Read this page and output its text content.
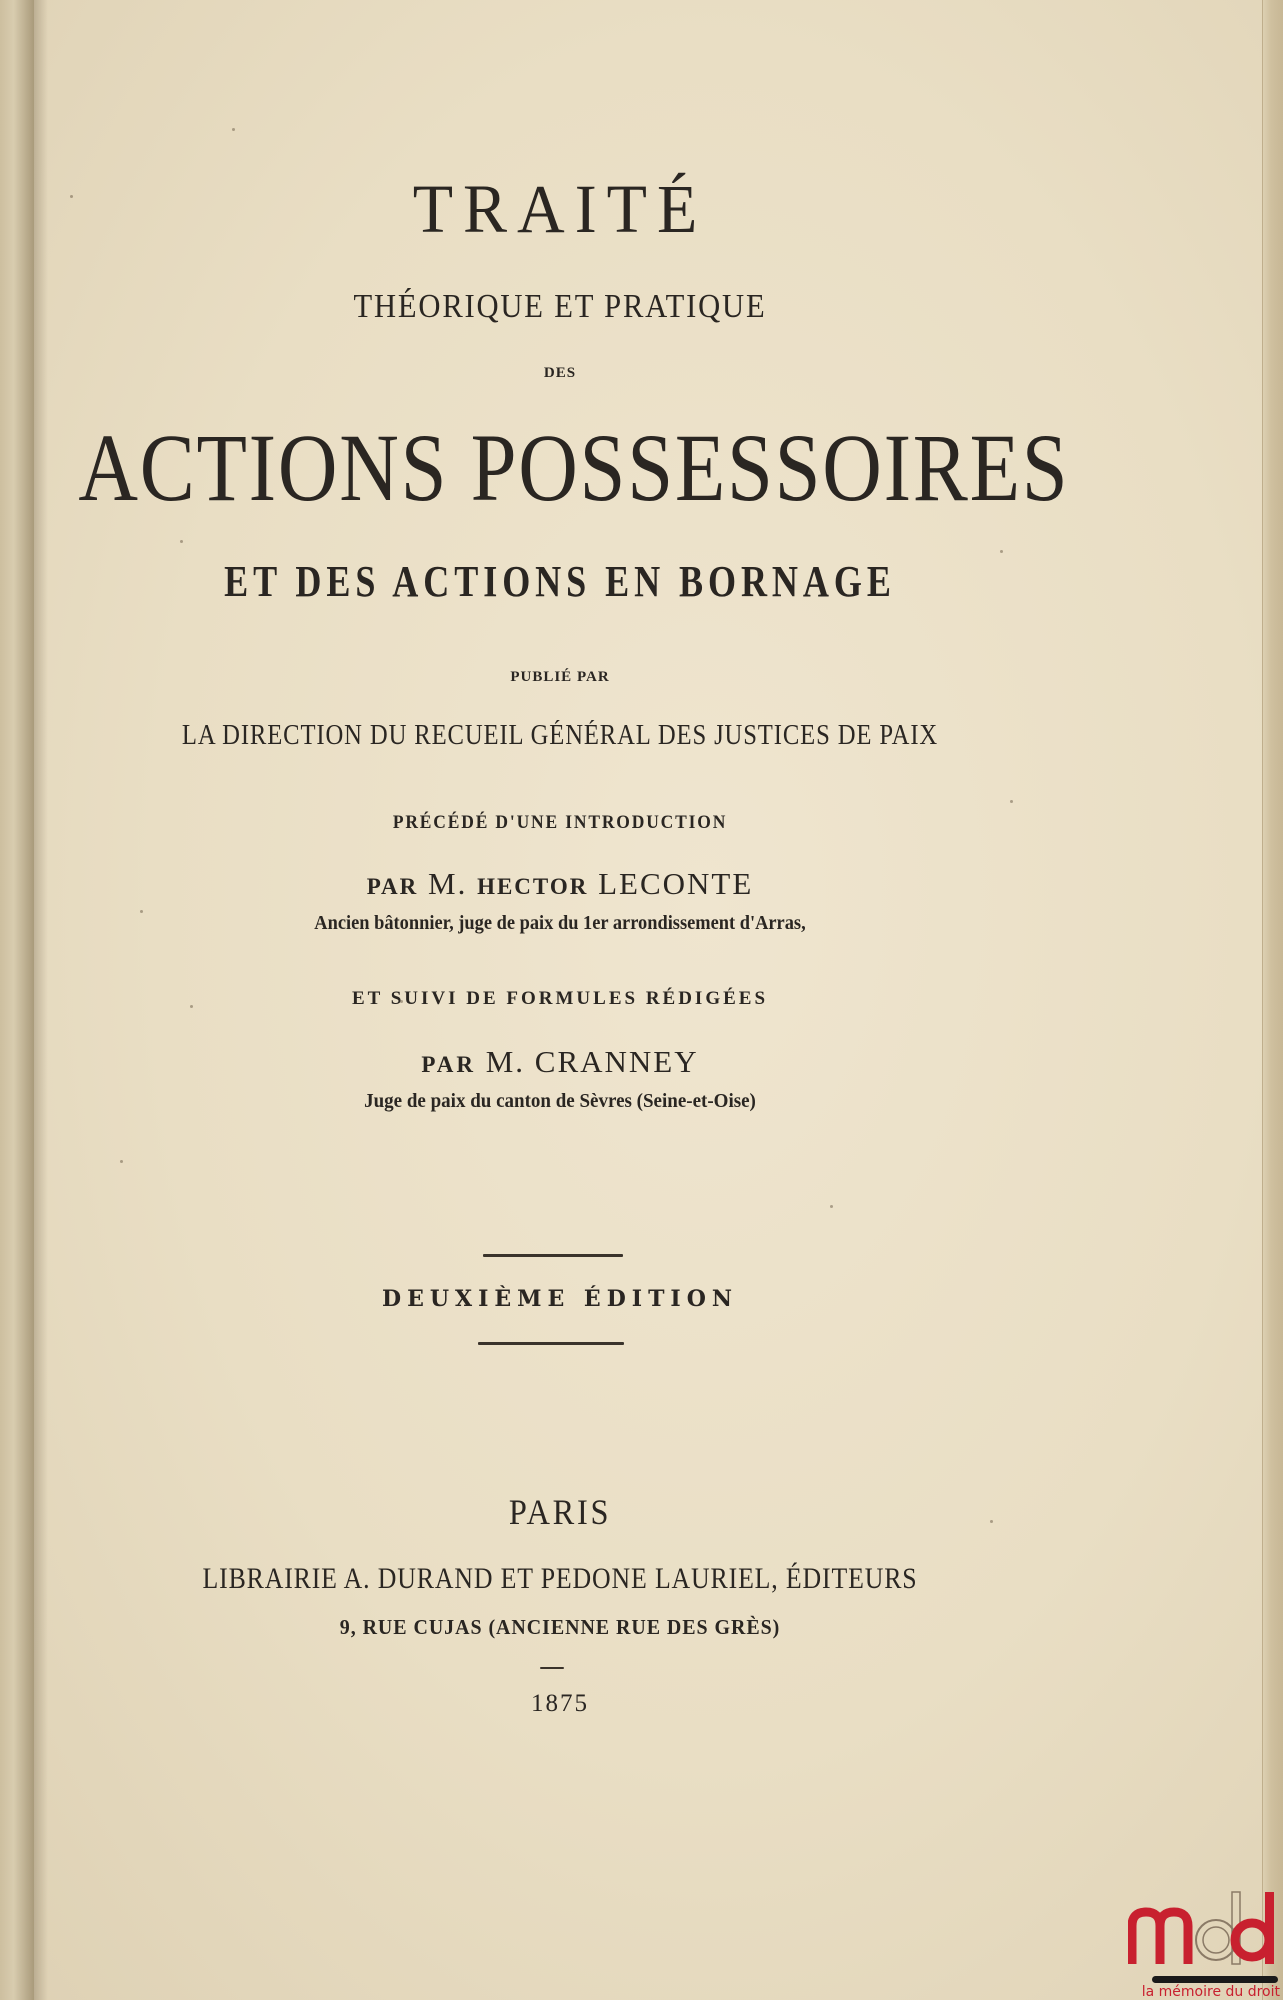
TRAITÉ
THÉORIQUE ET PRATIQUE
DES
ACTIONS POSSESSOIRES
ET DES ACTIONS EN BORNAGE
PUBLIÉ PAR
LA DIRECTION DU RECUEIL GÉNÉRAL DES JUSTICES DE PAIX
PRÉCÉDÉ D'UNE INTRODUCTION
PAR M. HECTOR LECONTE
Ancien bâtonnier, juge de paix du 1er arrondissement d'Arras,
ET SUIVI DE FORMULES RÉDIGÉES
PAR M. CRANNEY
Juge de paix du canton de Sèvres (Seine-et-Oise)
DEUXIÈME ÉDITION
PARIS
LIBRAIRIE A. DURAND ET PEDONE LAURIEL, ÉDITEURS
9, RUE CUJAS (ANCIENNE RUE DES GRÈS)
1875
la mémoire du droit
